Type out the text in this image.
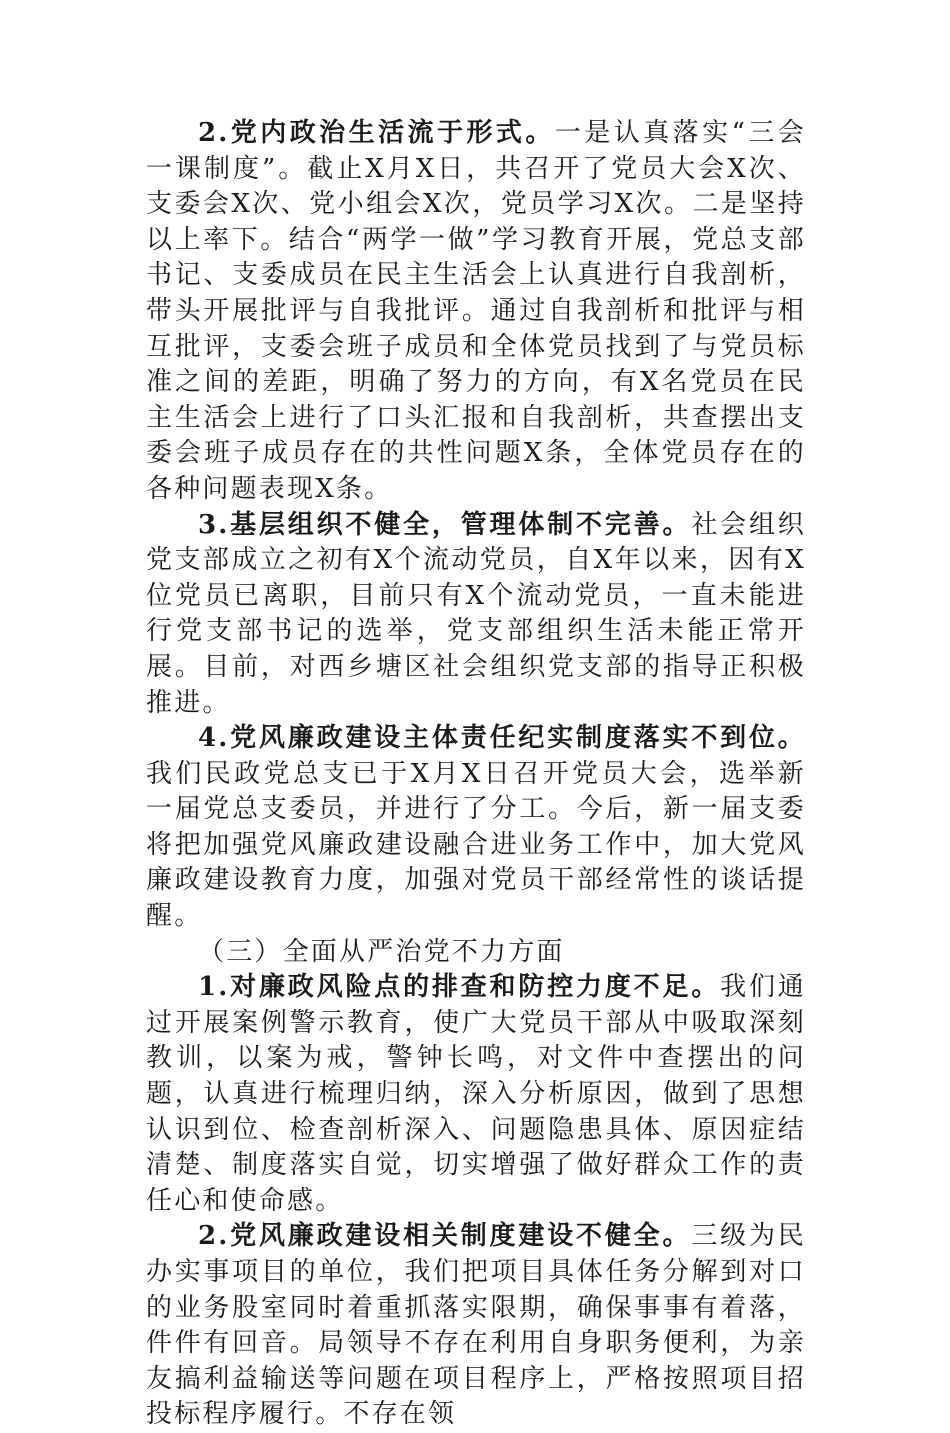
2.党内政治生活流于形式。一是认真落实“三会一课制度”。截止X月X日，共召开了党员大会X次、支委会X次、党小组会X次，党员学习X次。二是坚持以上率下。结合“两学一做”学习教育开展，党总支部书记、支委成员在民主生活会上认真进行自我剖析，带头开展批评与自我批评。通过自我剖析和批评与相互批评，支委会班子成员和全体党员找到了与党员标准之间的差距，明确了努力的方向，有X名党员在民主生活会上进行了口头汇报和自我剖析，共查摆出支委会班子成员存在的共性问题X条，全体党员存在的各种问题表现X条。

3.基层组织不健全，管理体制不完善。社会组织党支部成立之初有X个流动党员，自X年以来，因有X位党员已离职，目前只有X个流动党员，一直未能进行党支部书记的选举，党支部组织生活未能正常开展。目前，对西乡塘区社会组织党支部的指导正积极推进。

4.党风廉政建设主体责任纪实制度落实不到位。我们民政党总支已于X月X日召开党员大会，选举新一届党总支委员，并进行了分工。今后，新一届支委将把加强党风廉政建设融合进业务工作中，加大党风廉政建设教育力度，加强对党员干部经常性的谈话提醒。

（三）全面从严治党不力方面

1.对廉政风险点的排查和防控力度不足。我们通过开展案例警示教育，使广大党员干部从中吸取深刻教训，以案为戒，警钟长鸣，对文件中查摆出的问题，认真进行梳理归纳，深入分析原因，做到了思想认识到位、检查剖析深入、问题隐患具体、原因症结清楚、制度落实自觉，切实增强了做好群众工作的责任心和使命感。

2.党风廉政建设相关制度建设不健全。三级为民办实事项目的单位，我们把项目具体任务分解到对口的业务股室同时着重抓落实限期，确保事事有着落，件件有回音。局领导不存在利用自身职务便利，为亲友搞利益输送等问题在项目程序上，严格按照项目招投标程序履行。不存在领
